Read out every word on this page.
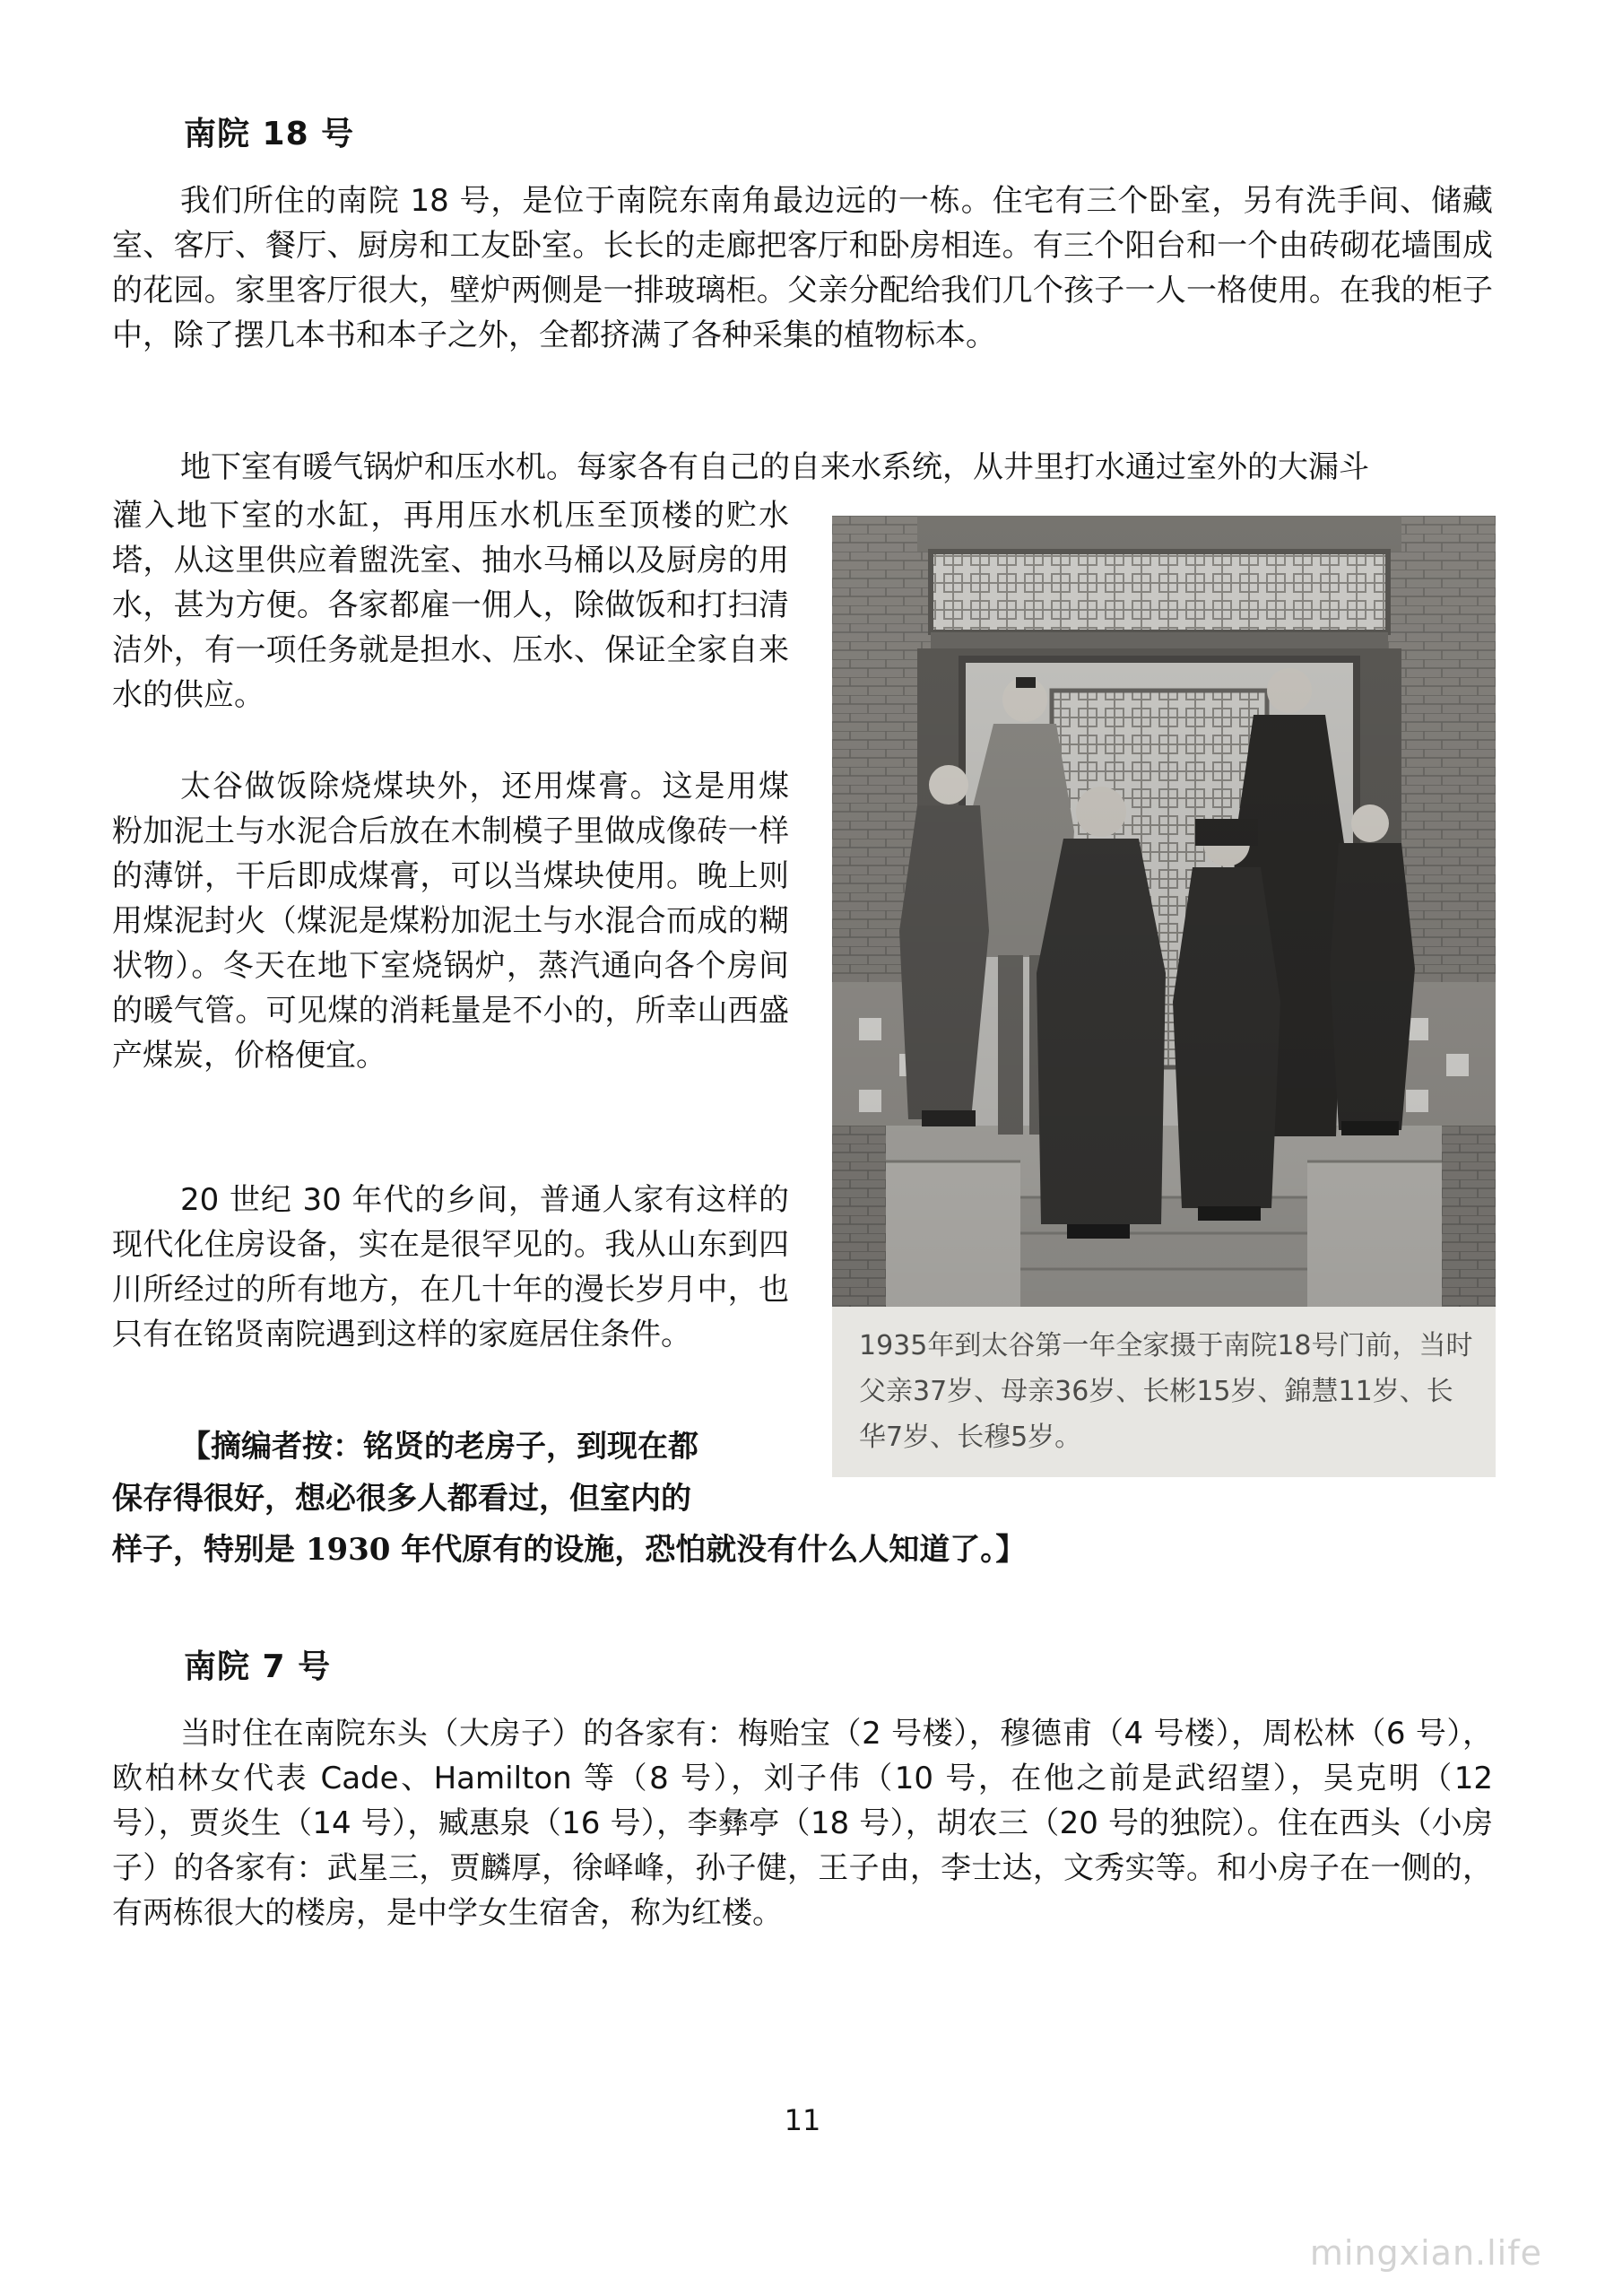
南院 18 号

我们所住的南院 18 号，是位于南院东南角最边远的一栋。住宅有三个卧室，另有洗手间、储藏室、客厅、餐厅、厨房和工友卧室。长长的走廊把客厅和卧房相连。有三个阳台和一个由砖砌花墙围成的花园。家里客厅很大，壁炉两侧是一排玻璃柜。父亲分配给我们几个孩子一人一格使用。在我的柜子中，除了摆几本书和本子之外，全都挤满了各种采集的植物标本。

地下室有暖气锅炉和压水机。每家各有自己的自来水系统，从井里打水通过室外的大漏斗

灌入地下室的水缸，再用压水机压至顶楼的贮水塔，从这里供应着盥洗室、抽水马桶以及厨房的用水，甚为方便。各家都雇一佣人，除做饭和打扫清洁外，有一项任务就是担水、压水、保证全家自来水的供应。

太谷做饭除烧煤块外，还用煤膏。这是用煤粉加泥土与水泥合后放在木制模子里做成像砖一样的薄饼，干后即成煤膏，可以当煤块使用。晚上则用煤泥封火（煤泥是煤粉加泥土与水混合而成的糊状物）。冬天在地下室烧锅炉，蒸汽通向各个房间的暖气管。可见煤的消耗量是不小的，所幸山西盛产煤炭，价格便宜。

20 世纪 30 年代的乡间，普通人家有这样的现代化住房设备，实在是很罕见的。我从山东到四川所经过的所有地方，在几十年的漫长岁月中，也只有在铭贤南院遇到这样的家庭居住条件。

【摘编者按：铭贤的老房子，到现在都
保存得很好，想必很多人都看过，但室内的
样子，特别是 1930 年代原有的设施，恐怕就没有什么人知道了。】
1935年到太谷第一年全家摄于南院18号门前，当时父亲37岁、母亲36岁、长彬15岁、錦慧11岁、长华7岁、长穆5岁。
南院 7 号

当时住在南院东头（大房子）的各家有：梅贻宝（2 号楼），穆德甫（4 号楼），周松林（6 号），欧柏林女代表 Cade、Hamilton 等（8 号），刘子伟（10 号，在他之前是武绍望），吴克明（12 号），贾炎生（14 号），臧惠泉（16 号），李彝亭（18 号），胡农三（20 号的独院）。住在西头（小房子）的各家有：武星三，贾麟厚，徐峄峰，孙子健，王子由，李士达，文秀实等。和小房子在一侧的，有两栋很大的楼房，是中学女生宿舍，称为红楼。

11
mingxian.life
